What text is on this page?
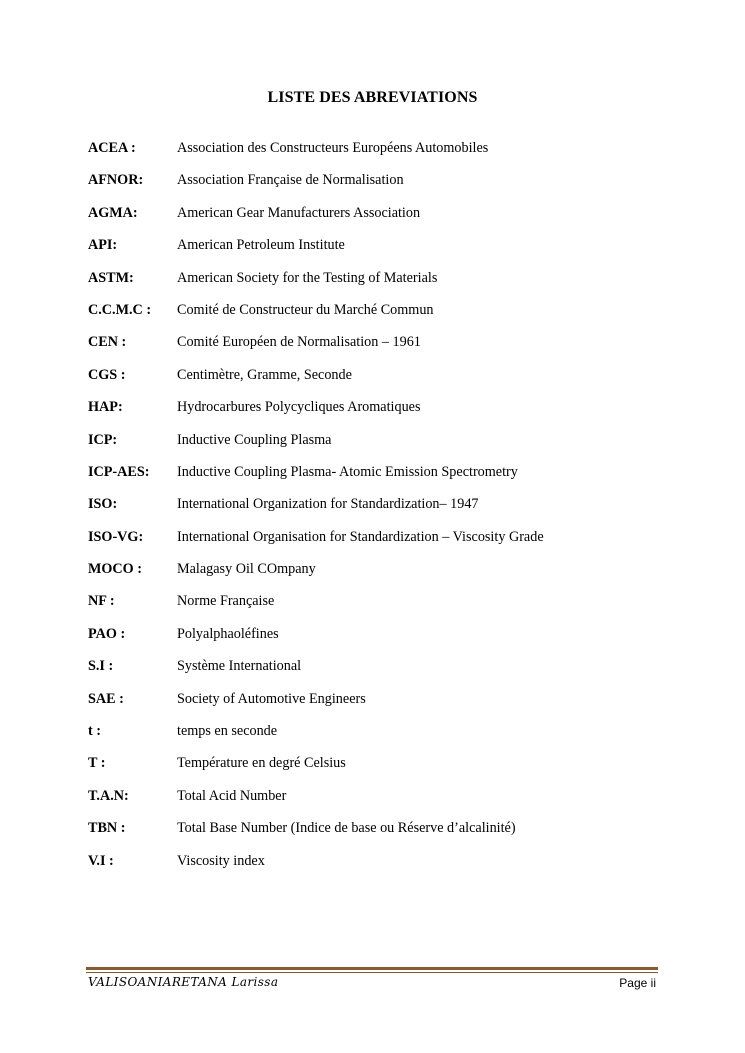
LISTE DES ABREVIATIONS
ACEA :	Association des Constructeurs Européens Automobiles
AFNOR:	Association Française de Normalisation
AGMA:	American Gear Manufacturers Association
API:	American Petroleum Institute
ASTM:	American Society for the Testing of Materials
C.C.M.C :	Comité de Constructeur du Marché Commun
CEN :	Comité Européen de Normalisation – 1961
CGS :	Centimètre, Gramme, Seconde
HAP:	Hydrocarbures Polycycliques Aromatiques
ICP:	Inductive Coupling Plasma
ICP-AES:	Inductive Coupling Plasma- Atomic Emission Spectrometry
ISO:	International Organization for Standardization– 1947
ISO-VG:	International Organisation for Standardization – Viscosity Grade
MOCO :	Malagasy Oil COmpany
NF :	Norme Française
PAO :	Polyalphaoléfines
S.I :	Système International
SAE :	Society of Automotive Engineers
t :	temps en seconde
T :	Température en degré Celsius
T.A.N:	Total Acid Number
TBN :	Total Base Number (Indice de base ou Réserve d’alcalinité)
V.I :	Viscosity index
VALISOANIARETANA Larissa	Page ii
